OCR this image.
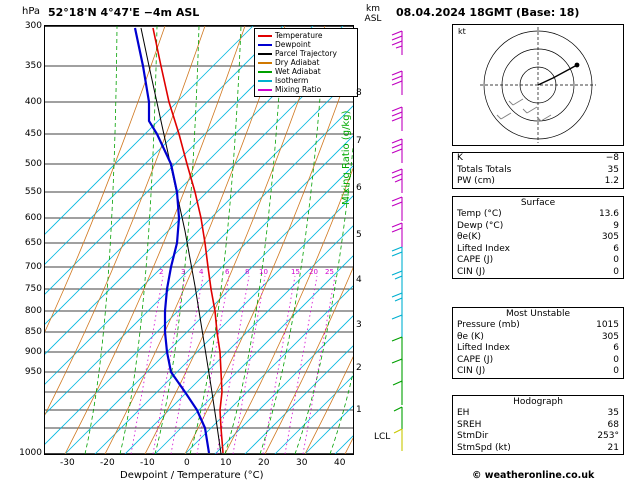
hPa 52°18'N 4°47'E −4m ASL	08.04.2024 18GMT (Base: 18)
km
ASL
2	3 4	6 8 10	15 20 25
Temperature
Dewpoint
Parcel Trajectory
Dry Adiabat
Wet Adiabat
Isotherm
Mixing Ratio
300
350
400
450
500
550
600
650
700
750
800
850
900
950
1000
-30	-20	-10	0	10	20	30	40
Dewpoint / Temperature (°C)
Mixing Ratio (g/kg)
1
2
3
4
5
6
7
8
LCL
kt
K	−8
Totals Totals	35
PW (cm)	1.2
Surface
Temp (°C)	13.6
Dewp (°C)	9
θe(K)	305
Lifted Index	6
CAPE (J)	0
CIN (J)	0
Most Unstable
Pressure (mb)	1015
θe (K)	305
Lifted Index	6
CAPE (J)	0
CIN (J)	0
Hodograph
EH	35
SREH	68
StmDir	253°
StmSpd (kt)	21
© weatheronline.co.uk
